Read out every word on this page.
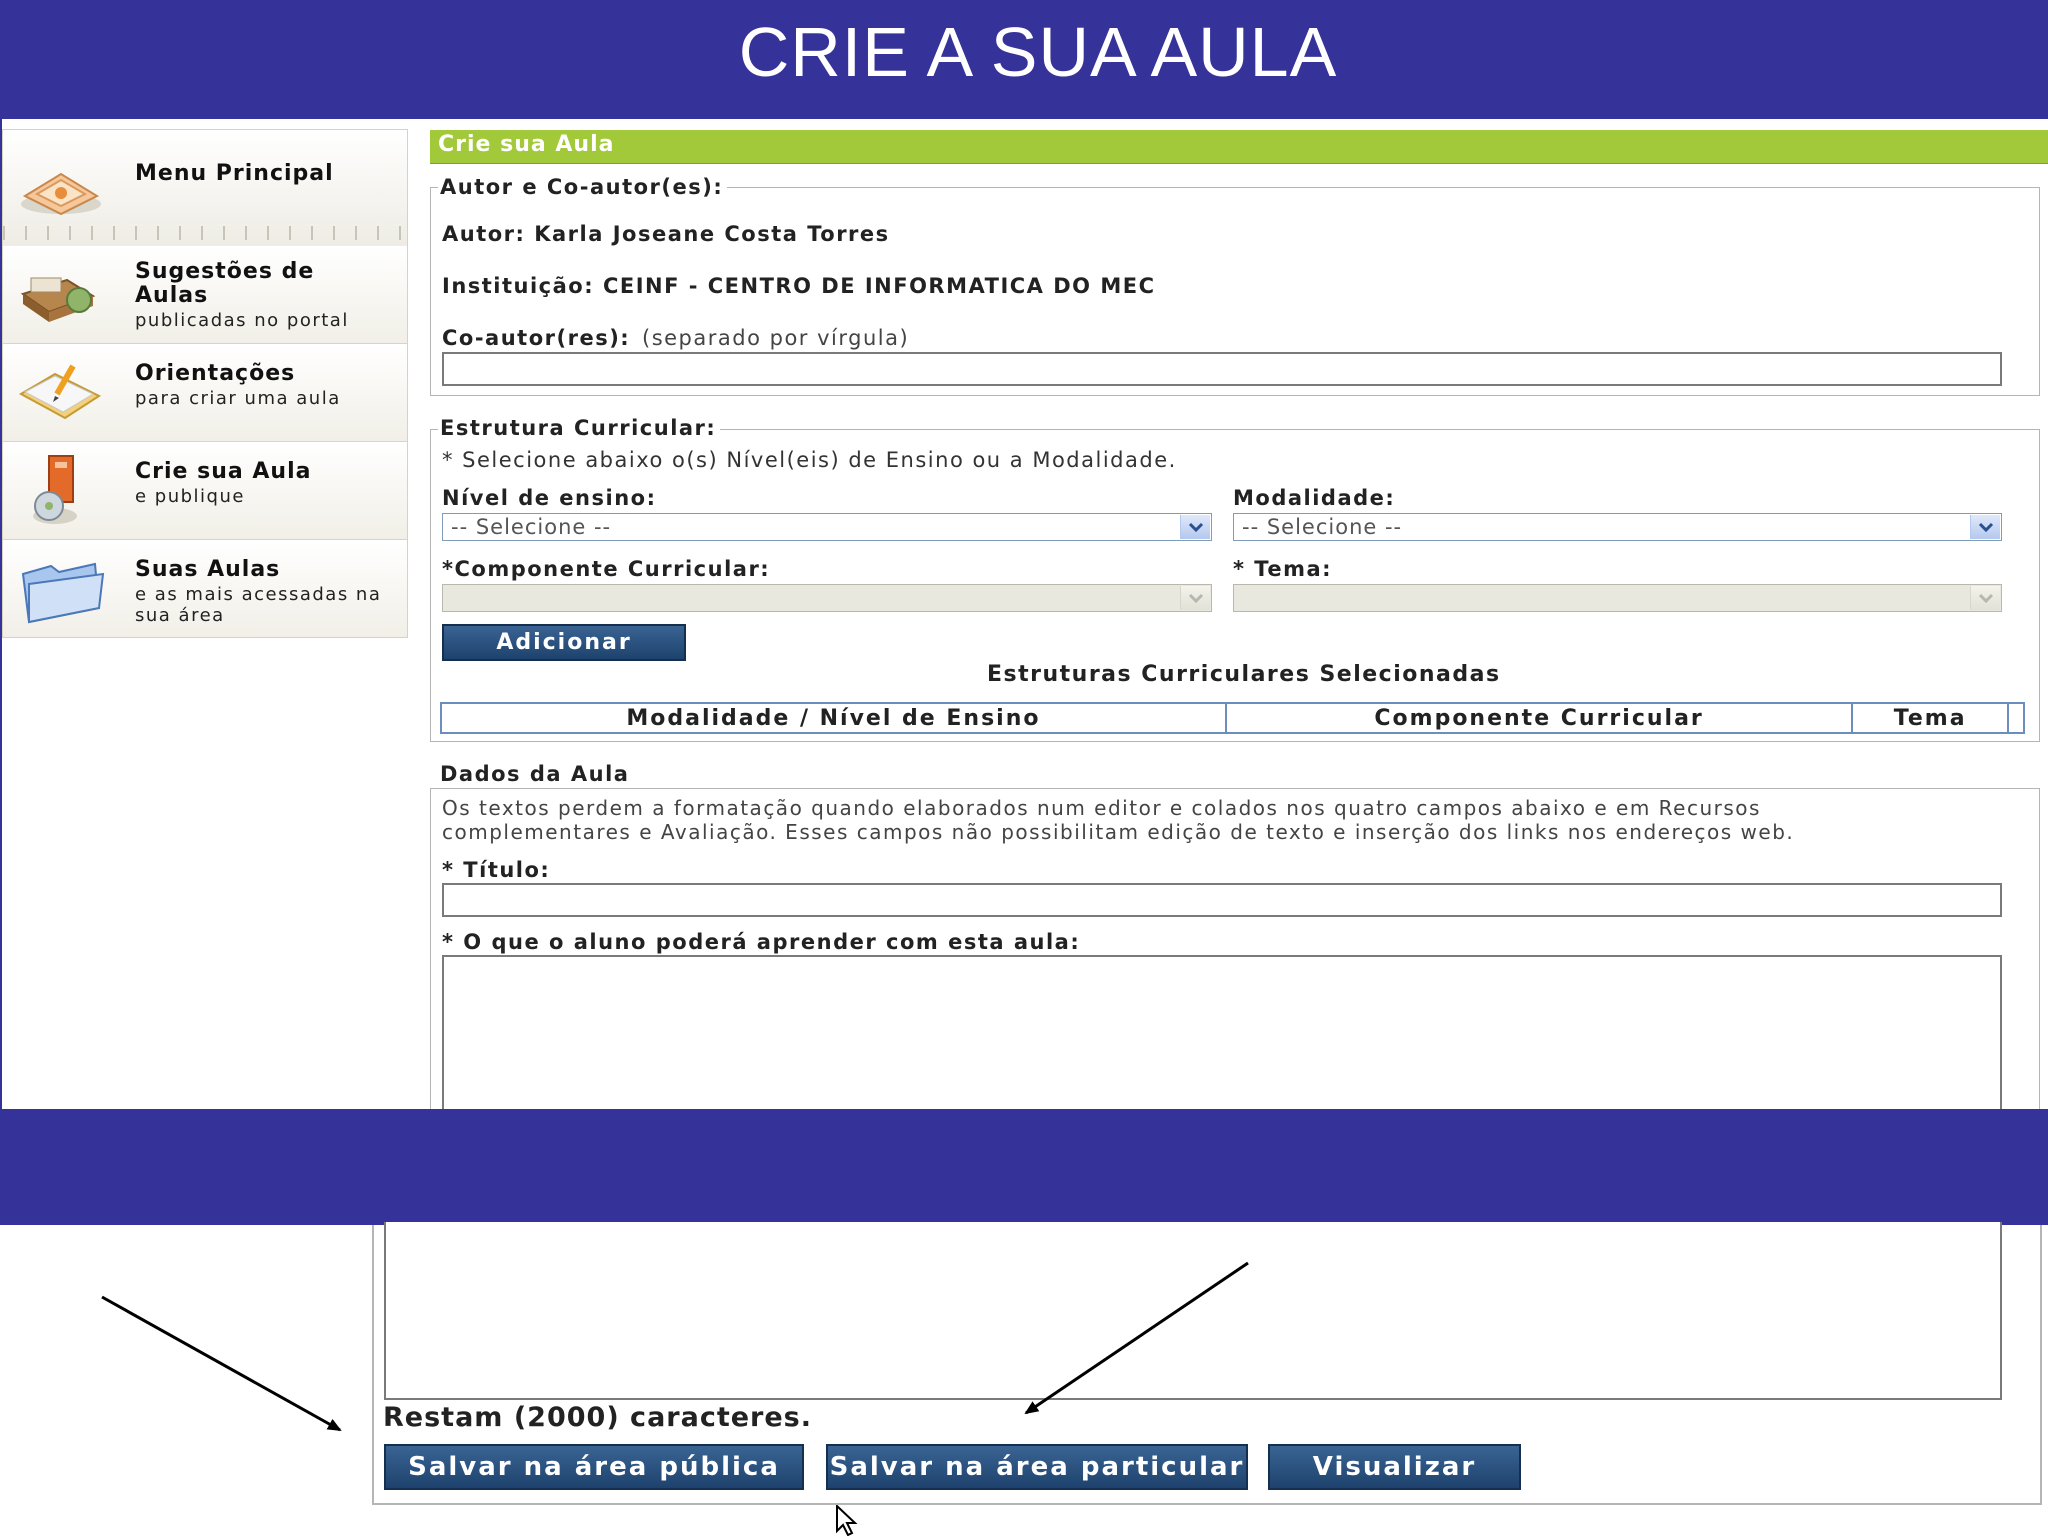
CRIE A SUA AULA
Menu Principal
Sugestões de Aulas
publicadas no portal
Orientações
para criar uma aula
Crie sua Aula
e publique
Suas Aulas
e as mais acessadas na sua área
Crie sua Aula
Autor e Co-autor(es):
Autor: Karla Joseane Costa Torres
Instituição: CEINF - CENTRO DE INFORMATICA DO MEC
Co-autor(res): (separado por vírgula)
Estrutura Curricular:
* Selecione abaixo o(s) Nível(eis) de Ensino ou a Modalidade.
Nível de ensino:
-- Selecione --
Modalidade:
-- Selecione --
*Componente Curricular:	* Tema:
Adicionar
Estruturas Curriculares Selecionadas
Modalidade / Nível de Ensino	Componente Curricular	Tema	
Dados da Aula
Os textos perdem a formatação quando elaborados num editor e colados nos quatro campos abaixo e em Recursos
complementares e Avaliação. Esses campos não possibilitam edição de texto e inserção dos links nos endereços web.
* Título:
* O que o aluno poderá aprender com esta aula:
Restam (2000) caracteres.
Salvar na área pública	Salvar na área particular	Visualizar
